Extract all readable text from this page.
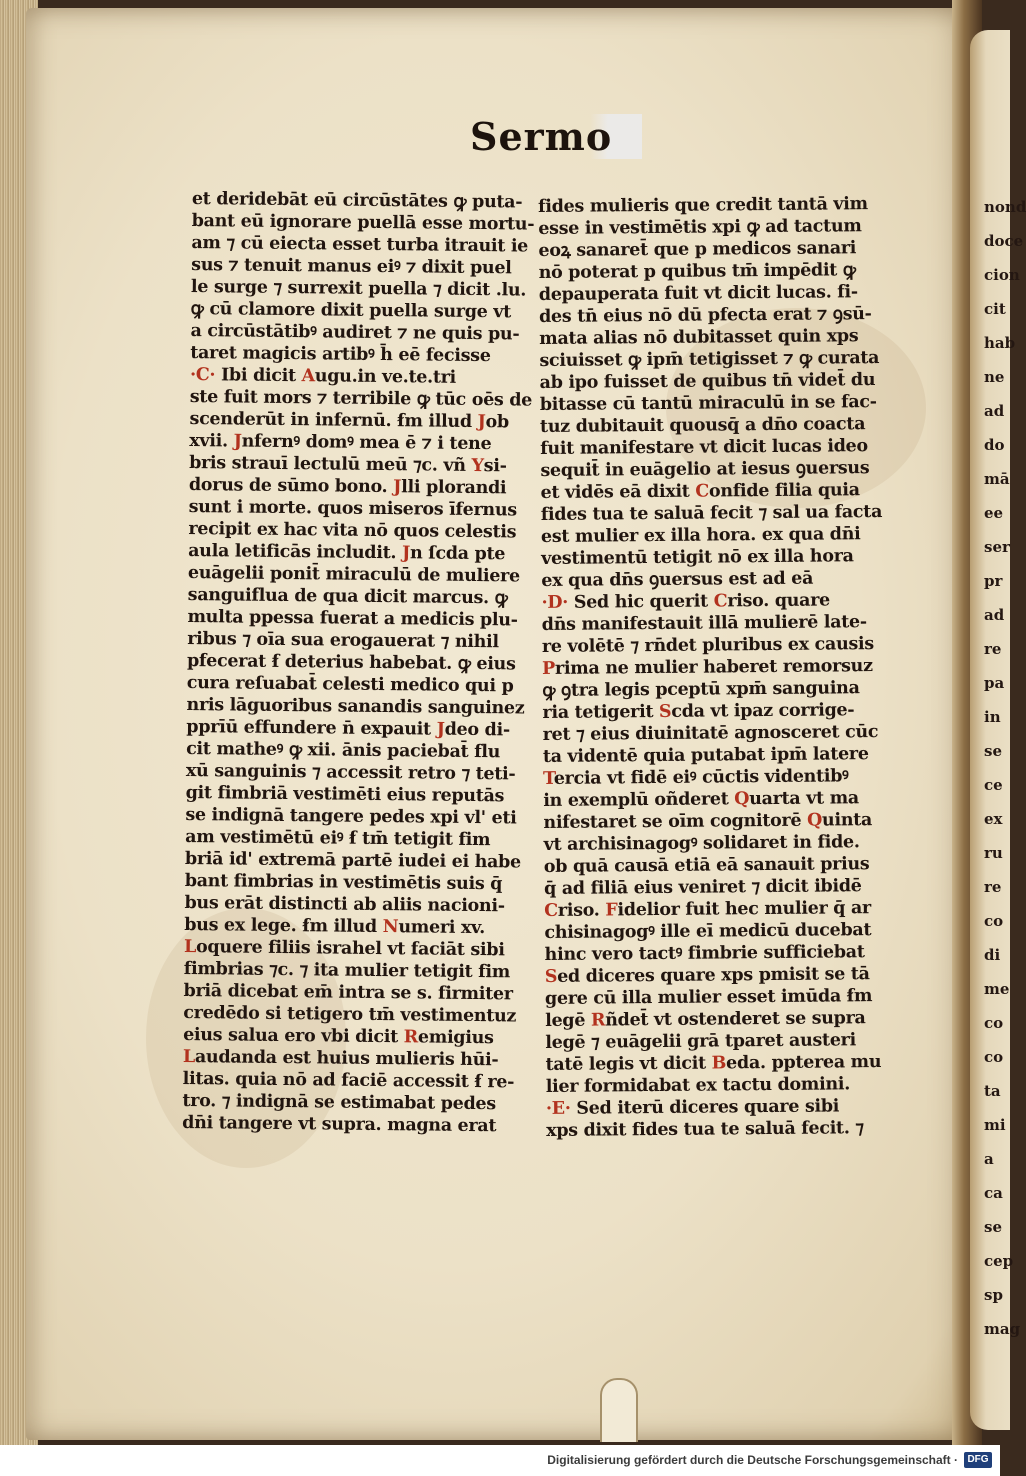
nond
doce
cion
cit
hab
ne
ad
do
mā
ee
ser
pr
ad
re
pa
in
se
ce
ex
ru
re
co
di
me
co
co
ta
mi
a
ca
se
cep
sp
mag
Sermo
et deridebāt eū circūstātes ꝙ puta-
bant eū ignorare puellā esse mortu-
am ⁊ cū eiecta esset turba itrauit ie
sus ⁊ tenuit manus eiꝰ ⁊ dixit puel
le surge ⁊ surrexit puella ⁊ dicit .lu.
ꝙ cū clamore dixit puella surge vt
a circūstātibꝰ audiret ⁊ ne quis pu-
taret magicis artibꝰ h̄ eē fecisse
·C· Ibi dicit Augu.in ve.te.tri
ste fuit mors ⁊ terribile ꝙ tūc oēs de
scenderūt in infernū. ẜm illud Job
xvii. Jnfernꝰ domꝰ mea ē ⁊ i tene
bris strauī lectulū meū ⁊c. vñ Ysi-
dorus de sūmo bono. Jlli plorandi
sunt i morte. quos miseros īfernus
recipit ex hac vita nō quos celestis
aula letificās includit. Jn ſcda pte
euāgelii ponit̄ miraculū de muliere
sanguiflua de qua dicit marcus. ꝙ
multa ppessa fuerat a medicis plu-
ribus ⁊ oīa sua erogauerat ⁊ nihil
pfecerat ẜ deterius habebat. ꝙ eius
cura reſuabat̄ celesti medico qui p
nris lāguoribus sanandis sanguinez
pprīū effundere n̄ expauit Jdeo di-
cit matheꝰ ꝙ xii. ānis paciebat̄ flu
xū sanguinis ⁊ accessit retro ⁊ teti-
git fimbriā vestimēti eius reputās
se indignā tangere pedes xpi vl' eti
am vestimētū eiꝰ ẜ tm̄ tetigit fim
briā id' extremā partē iudei ei habe
bant fimbrias in vestimētis suis q̄
bus erāt distincti ab aliis nacioni-
bus ex lege. ẜm illud Numeri xv.
Loquere filiis israhel vt faciāt sibi
fimbrias ⁊c. ⁊ ita mulier tetigit fim
briā dicebat em̄ intra se s. firmiter
credēdo si tetigero tm̄ vestimentuz
eius salua ero vbi dicit Remigius
Laudanda est huius mulieris hūi-
litas. quia nō ad faciē accessit ẜ re-
tro. ⁊ indignā se estimabat pedes
dn̄i tangere vt supra. magna erat
fides mulieris que credit tantā vim
esse in vestimētis xpi ꝙ ad tactum
eoꝝ sanaret̄ que p medicos sanari
nō poterat p quibus tm̄ impēdit ꝙ
depauperata fuit vt dicit lucas. fi-
des tn̄ eius nō dū pfecta erat ⁊ ꝯsū-
mata alias nō dubitasset quin xps
sciuisset ꝙ ipm̄ tetigisset ⁊ ꝙ curata
ab ipo fuisset de quibus tn̄ videt̄ du
bitasse cū tantū miraculū in se fac-
tuz dubitauit quousq̄ a dn̄o coacta
fuit manifestare vt dicit lucas ideo
sequit̄ in euāgelio at iesus ꝯuersus
et vidēs eā dixit Confide filia quia
fides tua te saluā fecit ⁊ sal ua facta
est mulier ex illa hora. ex qua dn̄i
vestimentū tetigit nō ex illa hora
ex qua dn̄s ꝯuersus est ad eā
·D· Sed hic querit Criso. quare
dn̄s manifestauit illā mulierē late-
re volētē ⁊ rn̄det pluribus ex causis
Prima ne mulier haberet remorsuz
ꝙ ꝯtra legis pceptū xpm̄ sanguina
ria tetigerit Scda vt ipaz corrige-
ret ⁊ eius diuinitatē agnosceret cūc
ta videntē quia putabat ipm̄ latere
Tercia vt fidē eiꝰ cūctis videntibꝰ
in exemplū oñderet Quarta vt ma
nifestaret se oīm cognitorē Quinta
vt archisinagogꝰ solidaret in fide.
ob quā causā etiā eā sanauit prius
q̄ ad filiā eius veniret ⁊ dicit ibidē
Criso. Fidelior fuit hec mulier q̄ ar
chisinagogꝰ ille eī medicū ducebat
hinc vero tactꝰ fimbrie sufficiebat
Sed diceres quare xps pmisit se tā
gere cū illa mulier esset imūda ẜm
legē Rñdet̄ vt ostenderet se supra
legē ⁊ euāgelii grā tparet austeri
tatē legis vt dicit Beda. ppterea mu
lier formidabat ex tactu domini.
·E· Sed iterū diceres quare sibi
xps dixit fides tua te saluā fecit. ⁊
Digitalisierung gefördert durch die Deutsche Forschungsgemeinschaft · DFG
